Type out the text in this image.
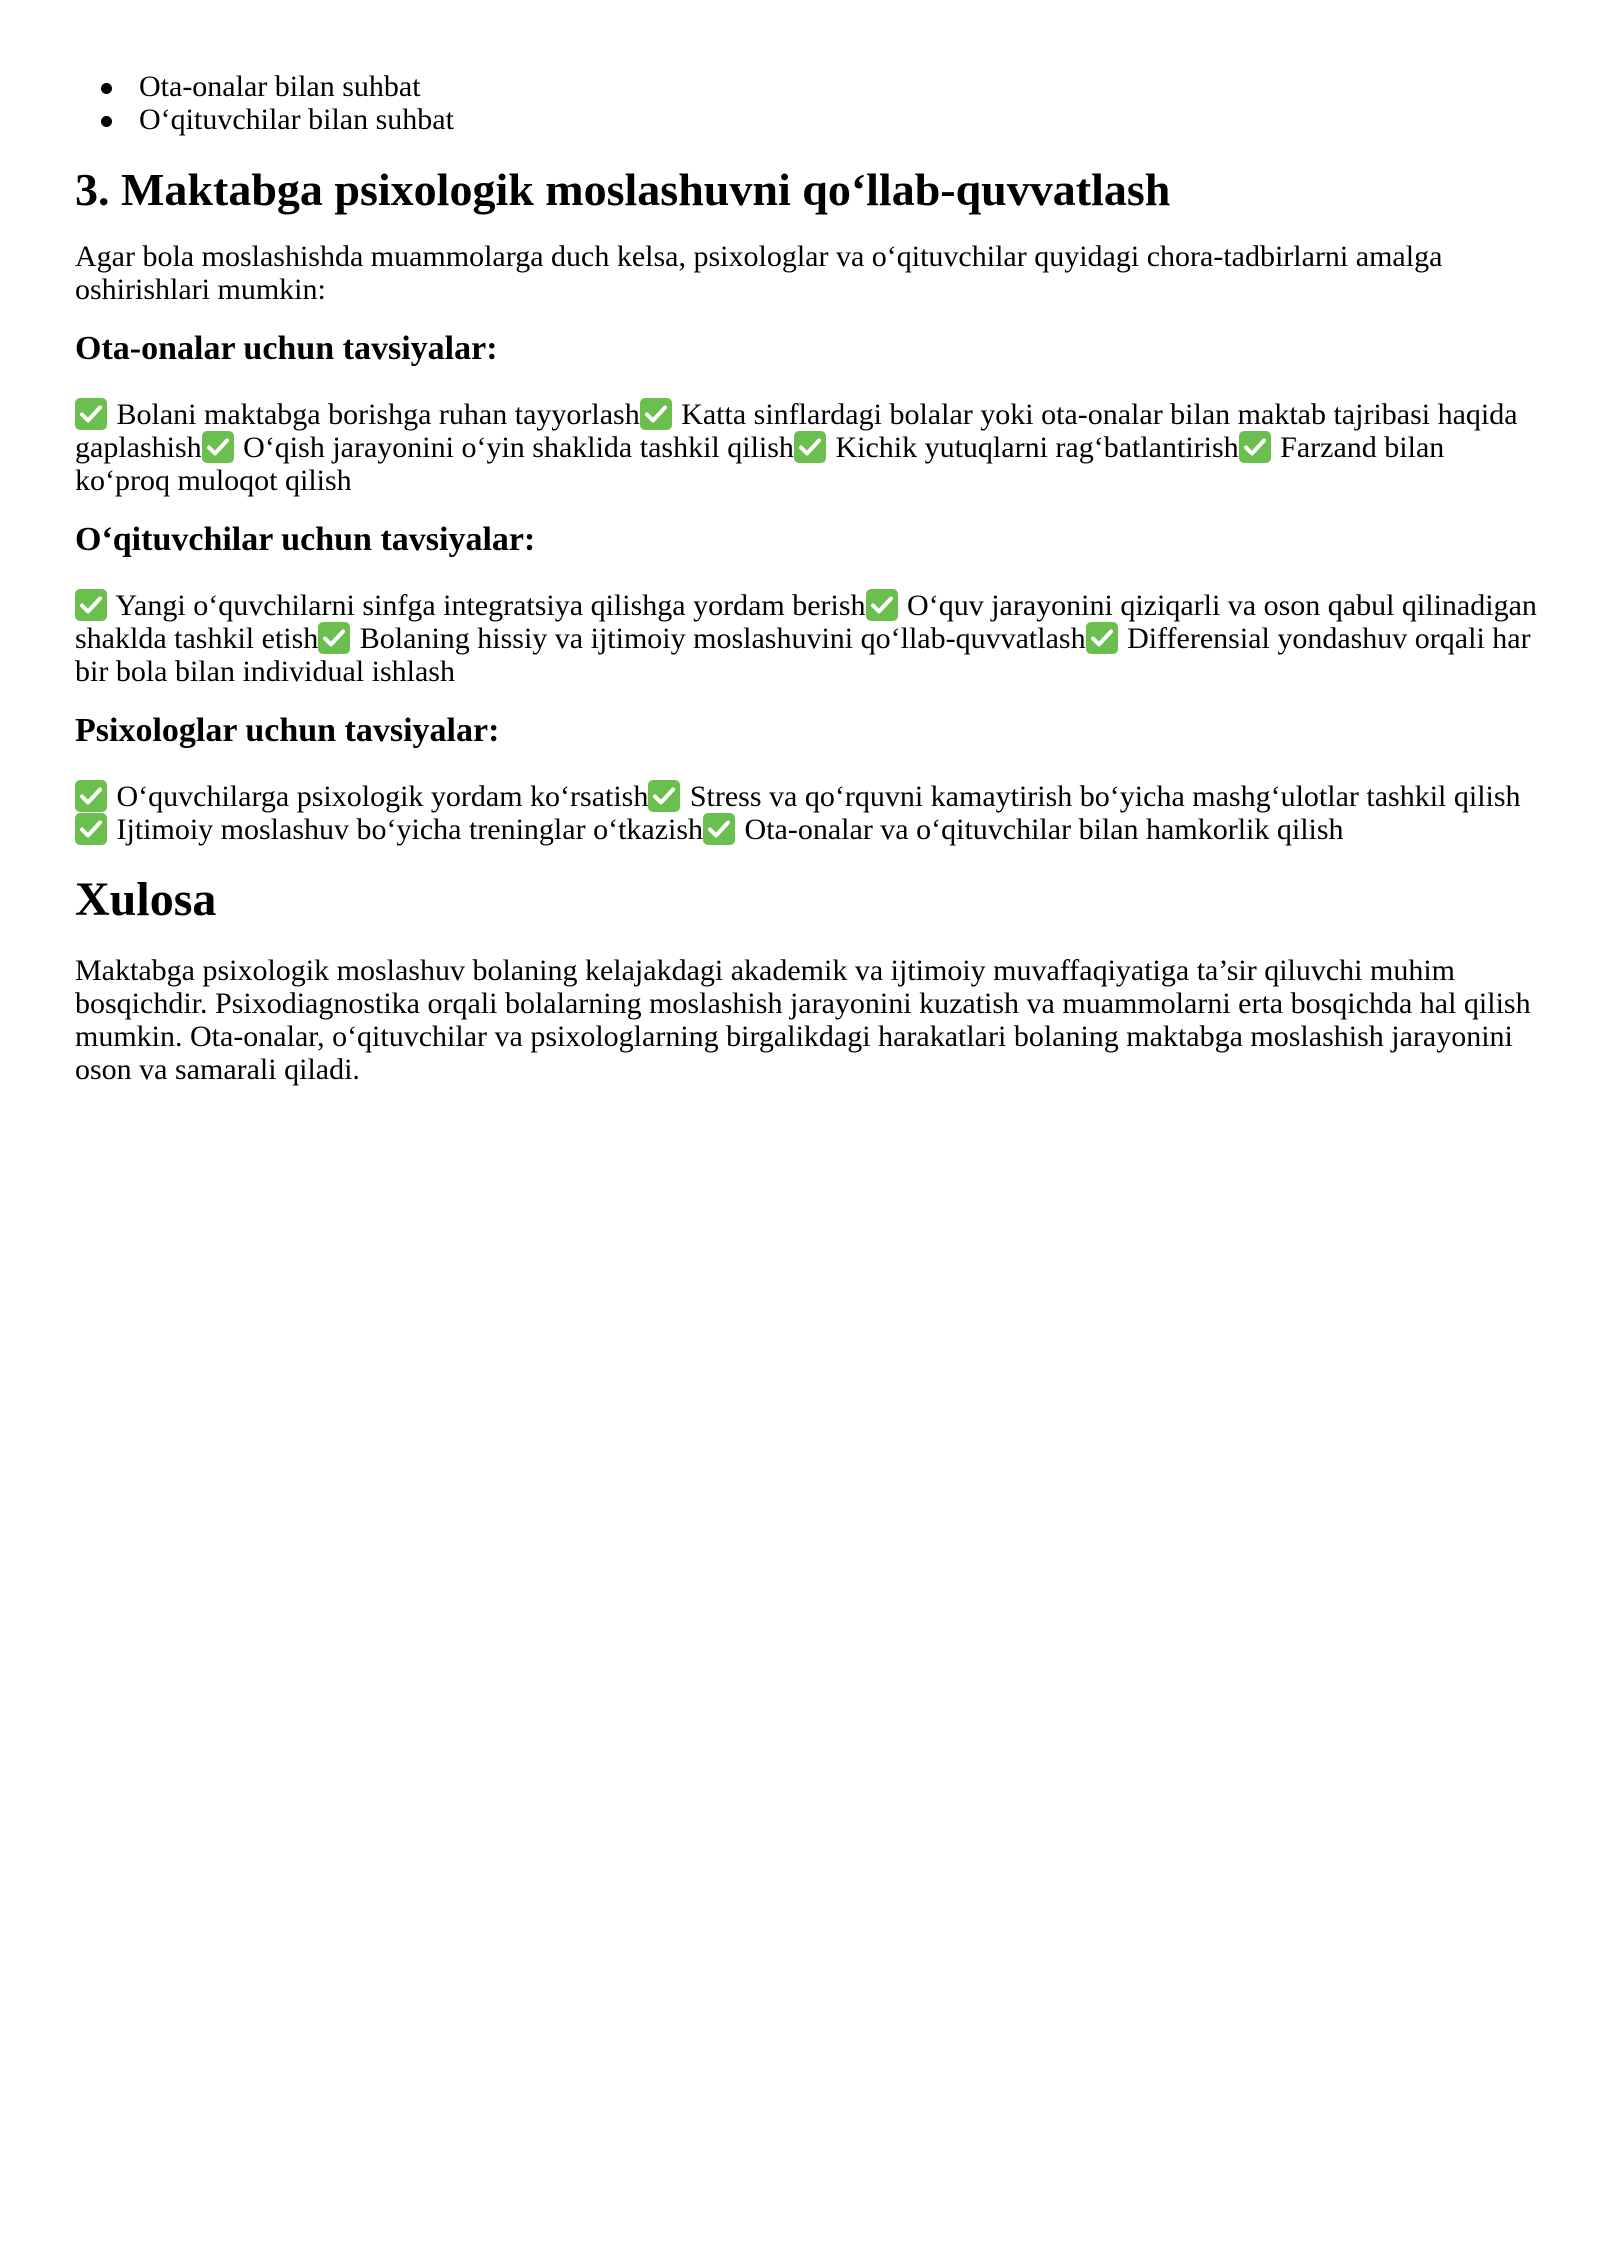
Ota-onalar bilan suhbat
O‘qituvchilar bilan suhbat
3. Maktabga psixologik moslashuvni qo‘llab-quvvatlash

Agar bola moslashishda muammolarga duch kelsa, psixologlar va o‘qituvchilar quyidagi chora-tadbirlarni amalga oshirishlari mumkin:

Ota-onalar uchun tavsiyalar:

Bolani maktabga borishga ruhan tayyorlash
Katta sinflardagi bolalar yoki ota-onalar bilan maktab tajribasi haqida gaplashish
O‘qish jarayonini o‘yin shaklida tashkil qilish
Kichik yutuqlarni rag‘batlantirish
Farzand bilan ko‘proq muloqot qilish

O‘qituvchilar uchun tavsiyalar:

Yangi o‘quvchilarni sinfga integratsiya qilishga yordam berish
O‘quv jarayonini qiziqarli va oson qabul qilinadigan shaklda tashkil etish
Bolaning hissiy va ijtimoiy moslashuvini qo‘llab-quvvatlash
Differensial yondashuv orqali har bir bola bilan individual ishlash

Psixologlar uchun tavsiyalar:

O‘quvchilarga psixologik yordam ko‘rsatish
Stress va qo‘rquvni kamaytirish bo‘yicha mashg‘ulotlar tashkil qilish
Ijtimoiy moslashuv bo‘yicha treninglar o‘tkazish
Ota-onalar va o‘qituvchilar bilan hamkorlik qilish

Xulosa

Maktabga psixologik moslashuv bolaning kelajakdagi akademik va ijtimoiy muvaffaqiyatiga ta’sir qiluvchi muhim bosqichdir. Psixodiagnostika orqali bolalarning moslashish jarayonini kuzatish va muammolarni erta bosqichda hal qilish mumkin. Ota-onalar, o‘qituvchilar va psixologlarning birgalikdagi harakatlari bolaning maktabga moslashish jarayonini oson va samarali qiladi.
